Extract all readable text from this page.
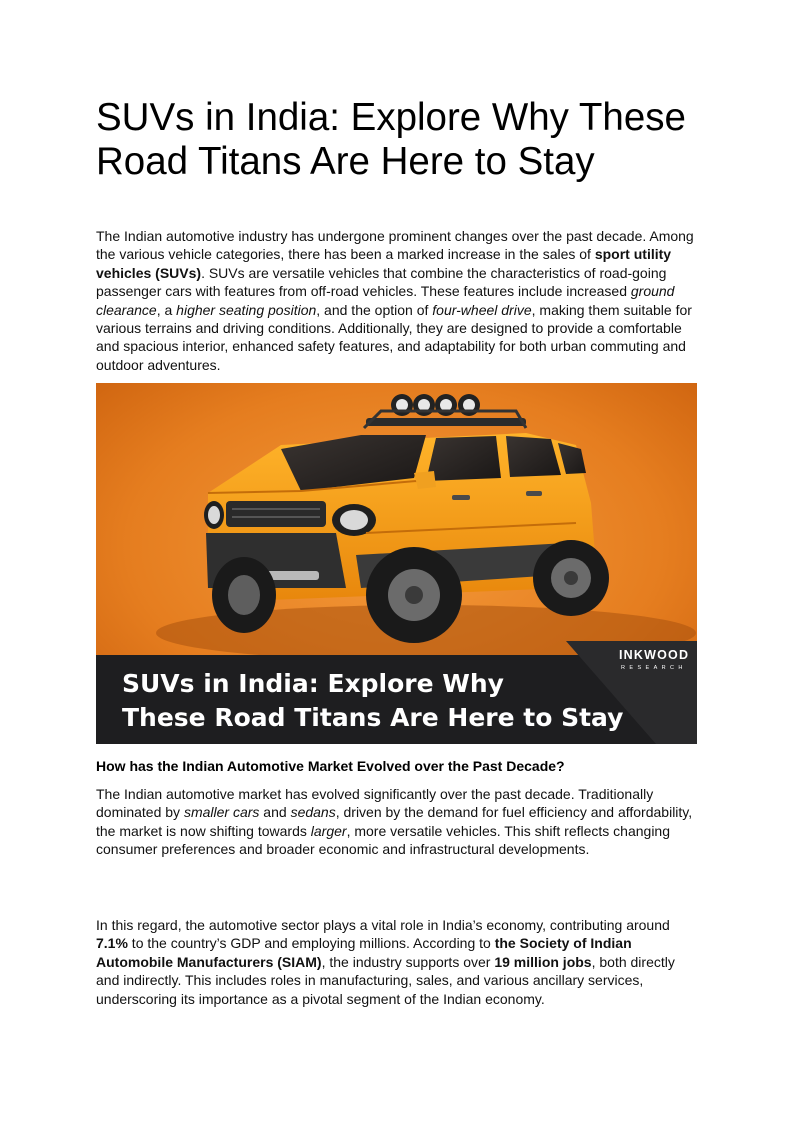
SUVs in India: Explore Why These Road Titans Are Here to Stay

The Indian automotive industry has undergone prominent changes over the past decade. Among the various vehicle categories, there has been a marked increase in the sales of sport utility vehicles (SUVs). SUVs are versatile vehicles that combine the characteristics of road-going passenger cars with features from off-road vehicles. These features include increased ground clearance, a higher seating position, and the option of four-wheel drive, making them suitable for various terrains and driving conditions. Additionally, they are designed to provide a comfortable and spacious interior, enhanced safety features, and adaptability for both urban commuting and outdoor adventures.

SUVs in India: Explore Why
These Road Titans Are Here to Stay
INKWOOD
RESEARCH
How has the Indian Automotive Market Evolved over the Past Decade?

The Indian automotive market has evolved significantly over the past decade. Traditionally dominated by smaller cars and sedans, driven by the demand for fuel efficiency and affordability, the market is now shifting towards larger, more versatile vehicles. This shift reflects changing consumer preferences and broader economic and infrastructural developments.

In this regard, the automotive sector plays a vital role in India’s economy, contributing around 7.1% to the country’s GDP and employing millions. According to the Society of Indian Automobile Manufacturers (SIAM), the industry supports over 19 million jobs, both directly and indirectly. This includes roles in manufacturing, sales, and various ancillary services, underscoring its importance as a pivotal segment of the Indian economy.
